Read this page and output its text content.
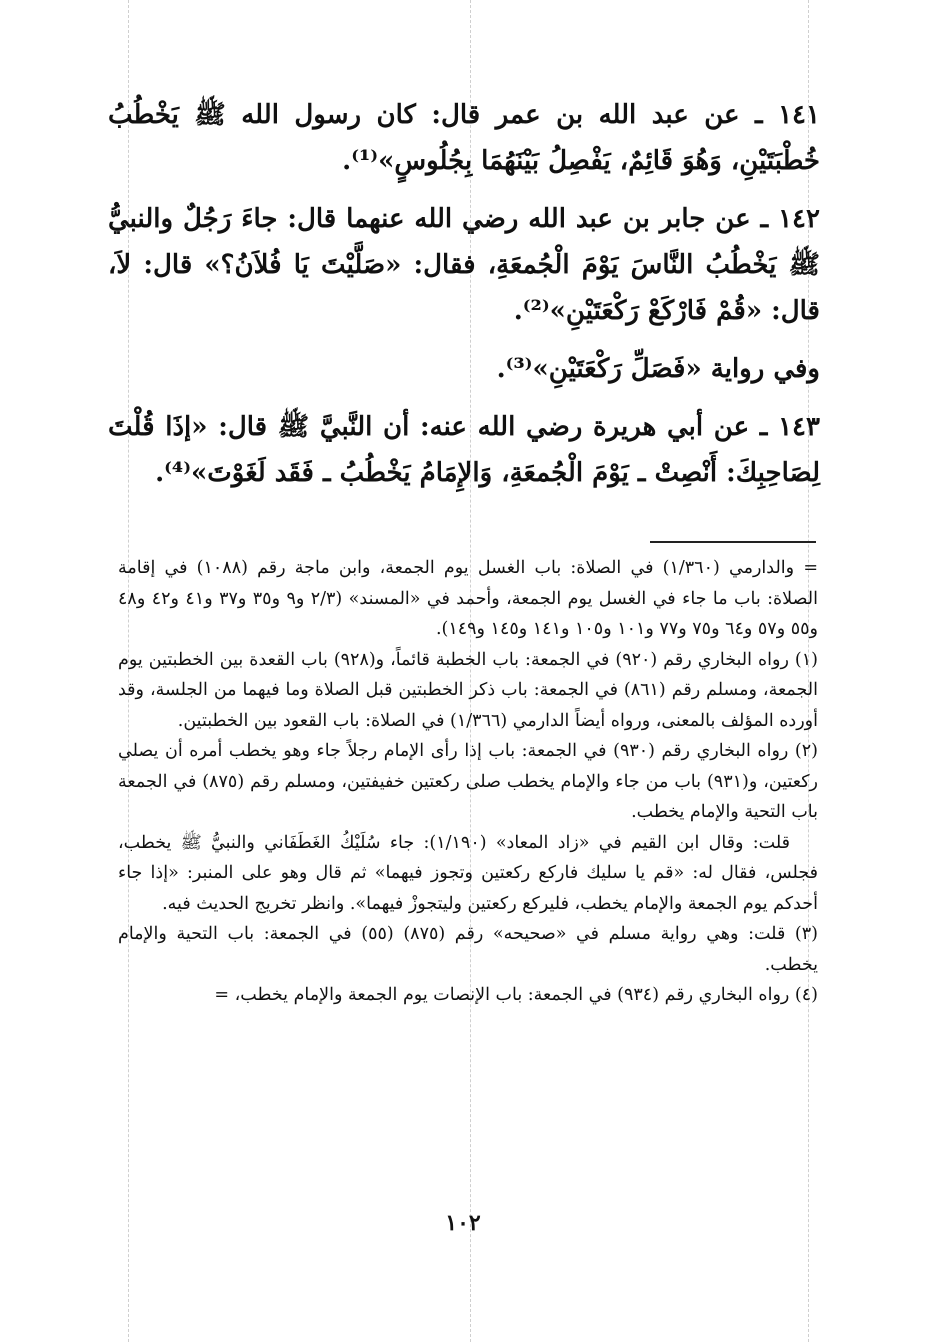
١٤١ ـ عن عبد الله بن عمر قال: كان رسول الله ﷺ يَخْطُبُ خُطْبَتَيْنِ، وَهُوَ قَائِمٌ، يَفْصِلُ بَيْنَهُمَا بِجُلُوسٍ»⁽¹⁾.

١٤٢ ـ عن جابر بن عبد الله رضي الله عنهما قال: جاءَ رَجُلٌ والنبيُّ ﷺ يَخْطُبُ النَّاسَ يَوْمَ الْجُمعَةِ، فقال: «صَلَّيْتَ يَا فُلاَنُ؟» قال: لاَ، قال: «قُمْ فَارْكَعْ رَكْعَتَيْنِ»⁽²⁾.

وفي رواية «فَصَلِّ رَكْعَتَيْنِ»⁽³⁾.

١٤٣ ـ عن أبي هريرة رضي الله عنه: أن النَّبيَّ ﷺ قال: «إذَا قُلْتَ لِصَاحِبِكَ: أَنْصِتْ ـ يَوْمَ الْجُمعَةِ، وَالإِمَامُ يَخْطُبُ ـ فَقَد لَغَوْتَ»⁽⁴⁾.

= والدارمي (١/٣٦٠) في الصلاة: باب الغسل يوم الجمعة، وابن ماجة رقم (١٠٨٨) في إقامة الصلاة: باب ما جاء في الغسل يوم الجمعة، وأحمد في «المسند» (٢/٣ و٩ و٣٥ و٣٧ و٤١ و٤٢ و٤٨ و٥٥ و٥٧ و٦٤ و٧٥ و٧٧ و١٠١ و١٠٥ و١٤١ و١٤٥ و١٤٩).

(١) رواه البخاري رقم (٩٢٠) في الجمعة: باب الخطبة قائماً، و(٩٢٨) باب القعدة بين الخطبتين يوم الجمعة، ومسلم رقم (٨٦١) في الجمعة: باب ذكر الخطبتين قبل الصلاة وما فيهما من الجلسة، وقد أورده المؤلف بالمعنى، ورواه أيضاً الدارمي (١/٣٦٦) في الصلاة: باب القعود بين الخطبتين.

(٢) رواه البخاري رقم (٩٣٠) في الجمعة: باب إذا رأى الإمام رجلاً جاء وهو يخطب أمره أن يصلي ركعتين، و(٩٣١) باب من جاء والإمام يخطب صلى ركعتين خفيفتين، ومسلم رقم (٨٧٥) في الجمعة باب التحية والإمام يخطب.

قلت: وقال ابن القيم في «زاد المعاد» (١/١٩٠): جاء سُلَيْكُ الغَطَفَاني والنبيُّ ﷺ يخطب، فجلس، فقال له: «قم يا سليك فاركع ركعتين وتجوز فيهما» ثم قال وهو على المنبر: «إذا جاء أحدكم يوم الجمعة والإمام يخطب، فليركع ركعتين وليتجوزْ فيهما». وانظر تخريج الحديث فيه.

(٣) قلت: وهي رواية مسلم في «صحيحه» رقم (٨٧٥) (٥٥) في الجمعة: باب التحية والإمام يخطب.

(٤) رواه البخاري رقم (٩٣٤) في الجمعة: باب الإنصات يوم الجمعة والإمام يخطب، =

١٠٢
